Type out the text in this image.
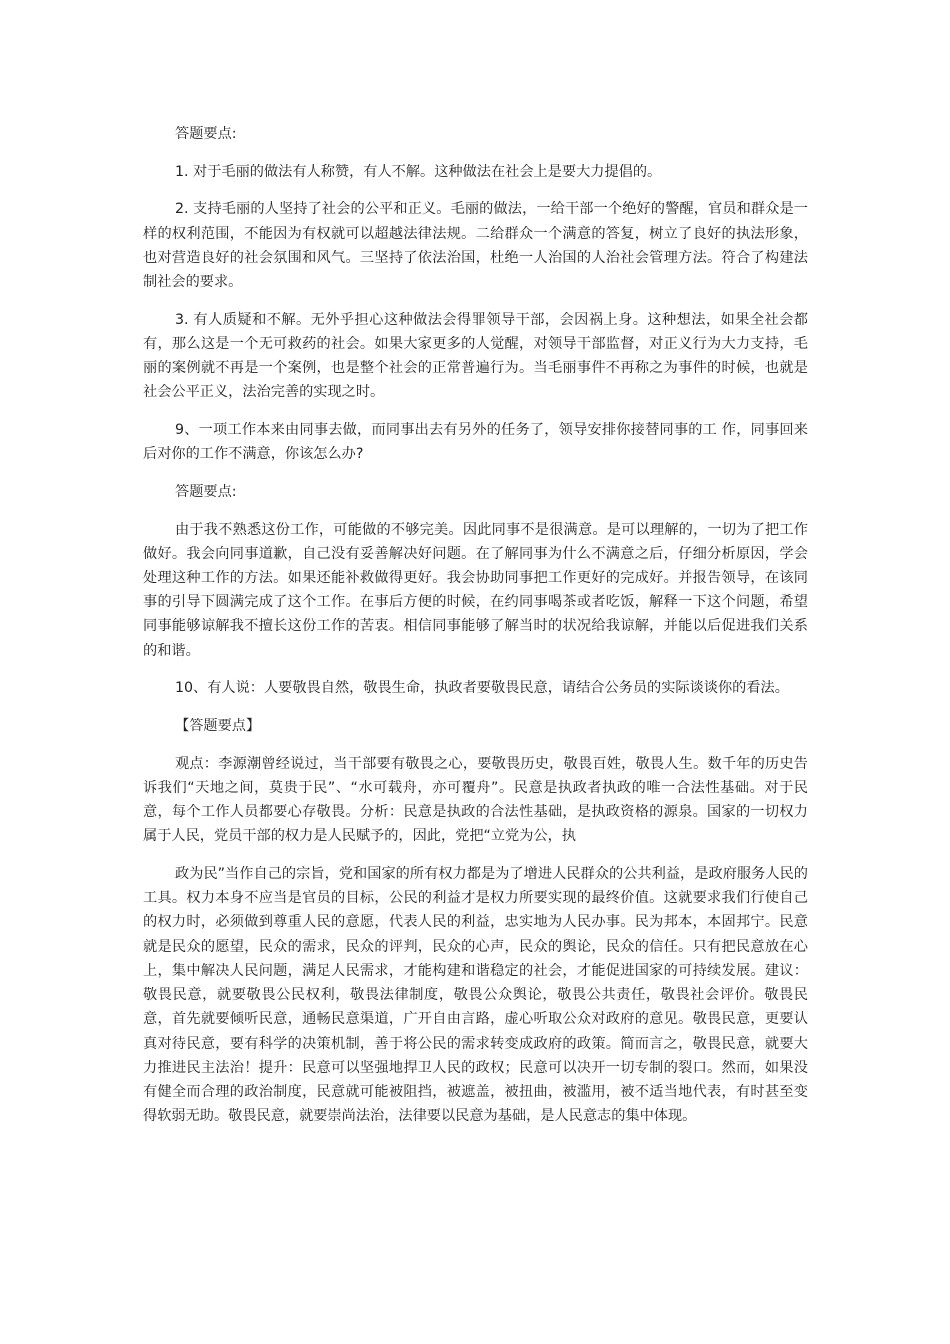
答题要点:

1. 对于毛丽的做法有人称赞，有人不解。这种做法在社会上是要大力提倡的。

2. 支持毛丽的人坚持了社会的公平和正义。毛丽的做法，一给干部一个绝好的警醒，官员和群众是一样的权利范围，不能因为有权就可以超越法律法规。二给群众一个满意的答复，树立了良好的执法形象，也对营造良好的社会氛围和风气。三坚持了依法治国，杜绝一人治国的人治社会管理方法。符合了构建法制社会的要求。

3. 有人质疑和不解。无外乎担心这种做法会得罪领导干部，会因祸上身。这种想法，如果全社会都有，那么这是一个无可救药的社会。如果大家更多的人觉醒，对领导干部监督，对正义行为大力支持，毛丽的案例就不再是一个案例，也是整个社会的正常普遍行为。当毛丽事件不再称之为事件的时候，也就是社会公平正义，法治完善的实现之时。

9、一项工作本来由同事去做，而同事出去有另外的任务了，领导安排你接替同事的工 作，同事回来后对你的工作不满意，你该怎么办?

答题要点:

由于我不熟悉这份工作，可能做的不够完美。因此同事不是很满意。是可以理解的，一切为了把工作做好。我会向同事道歉，自己没有妥善解决好问题。在了解同事为什么不满意之后，仔细分析原因，学会处理这种工作的方法。如果还能补救做得更好。我会协助同事把工作更好的完成好。并报告领导，在该同事的引导下圆满完成了这个工作。在事后方便的时候，在约同事喝茶或者吃饭，解释一下这个问题，希望同事能够谅解我不擅长这份工作的苦衷。相信同事能够了解当时的状况给我谅解，并能以后促进我们关系的和谐。

10、有人说：人要敬畏自然，敬畏生命，执政者要敬畏民意，请结合公务员的实际谈谈你的看法。

【答题要点】

观点：李源潮曾经说过，当干部要有敬畏之心，要敬畏历史，敬畏百姓，敬畏人生。数千年的历史告诉我们“天地之间，莫贵于民”、“水可载舟，亦可覆舟”。民意是执政者执政的唯一合法性基础。对于民意，每个工作人员都要心存敬畏。分析：民意是执政的合法性基础，是执政资格的源泉。国家的一切权力属于人民，党员干部的权力是人民赋予的，因此，党把“立党为公，执

政为民”当作自己的宗旨，党和国家的所有权力都是为了增进人民群众的公共利益，是政府服务人民的工具。权力本身不应当是官员的目标，公民的利益才是权力所要实现的最终价值。这就要求我们行使自己的权力时，必须做到尊重人民的意愿，代表人民的利益，忠实地为人民办事。民为邦本，本固邦宁。民意就是民众的愿望，民众的需求，民众的评判，民众的心声，民众的舆论，民众的信任。只有把民意放在心上，集中解决人民问题，满足人民需求，才能构建和谐稳定的社会，才能促进国家的可持续发展。建议：敬畏民意，就要敬畏公民权利，敬畏法律制度，敬畏公众舆论，敬畏公共责任，敬畏社会评价。敬畏民意，首先就要倾听民意，通畅民意渠道，广开自由言路，虚心听取公众对政府的意见。敬畏民意，更要认真对待民意，要有科学的决策机制，善于将公民的需求转变成政府的政策。简而言之，敬畏民意，就要大力推进民主法治！提升：民意可以坚强地捍卫人民的政权；民意可以决开一切专制的裂口。然而，如果没有健全而合理的政治制度，民意就可能被阻挡，被遮盖，被扭曲，被滥用，被不适当地代表，有时甚至变得软弱无助。敬畏民意，就要崇尚法治，法律要以民意为基础，是人民意志的集中体现。
